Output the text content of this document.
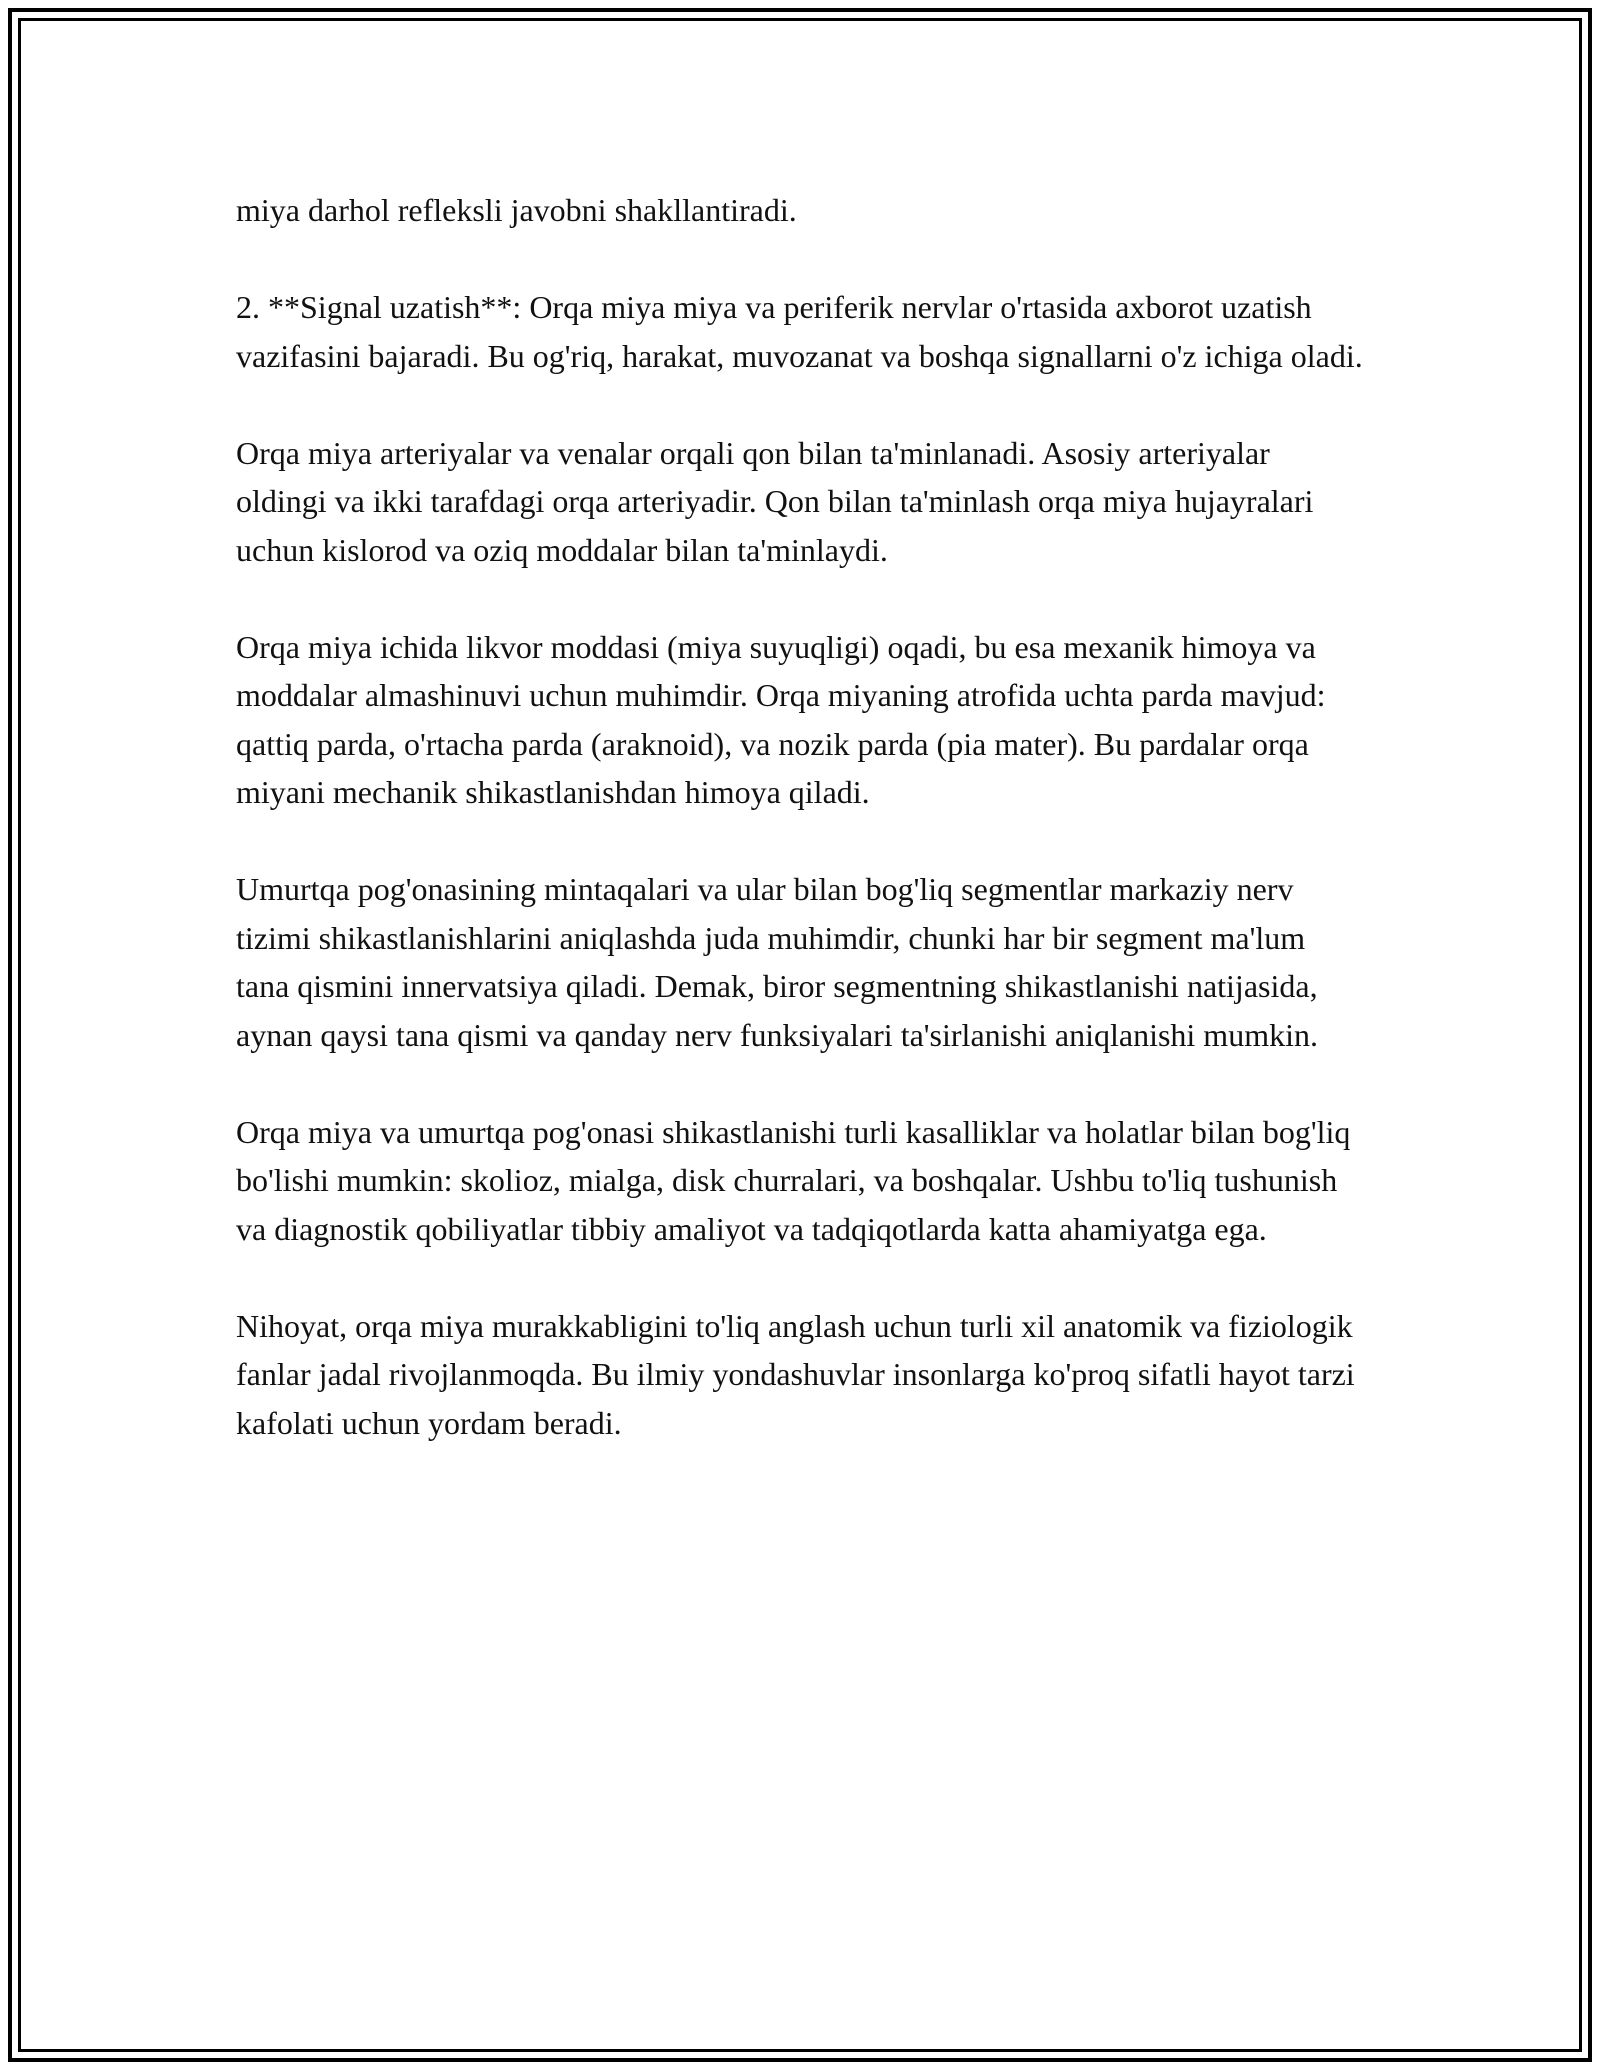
miya darhol refleksli javobni shakllantiradi.

2. **Signal uzatish**: Orqa miya miya va periferik nervlar o'rtasida axborot uzatish vazifasini bajaradi. Bu og'riq, harakat, muvozanat va boshqa signallarni o'z ichiga oladi.

Orqa miya arteriyalar va venalar orqali qon bilan ta'minlanadi. Asosiy arteriyalar oldingi va ikki tarafdagi orqa arteriyadir. Qon bilan ta'minlash orqa miya hujayralari uchun kislorod va oziq moddalar bilan ta'minlaydi.

Orqa miya ichida likvor moddasi (miya suyuqligi) oqadi, bu esa mexanik himoya va moddalar almashinuvi uchun muhimdir. Orqa miyaning atrofida uchta parda mavjud: qattiq parda, o'rtacha parda (araknoid), va nozik parda (pia mater). Bu pardalar orqa miyani mechanik shikastlanishdan himoya qiladi.

Umurtqa pog'onasining mintaqalari va ular bilan bog'liq segmentlar markaziy nerv tizimi shikastlanishlarini aniqlashda juda muhimdir, chunki har bir segment ma'lum tana qismini innervatsiya qiladi. Demak, biror segmentning shikastlanishi natijasida, aynan qaysi tana qismi va qanday nerv funksiyalari ta'sirlanishi aniqlanishi mumkin.

Orqa miya va umurtqa pog'onasi shikastlanishi turli kasalliklar va holatlar bilan bog'liq bo'lishi mumkin: skolioz, mialga, disk churralari, va boshqalar. Ushbu to'liq tushunish va diagnostik qobiliyatlar tibbiy amaliyot va tadqiqotlarda katta ahamiyatga ega.

Nihoyat, orqa miya murakkabligini to'liq anglash uchun turli xil anatomik va fiziologik fanlar jadal rivojlanmoqda. Bu ilmiy yondashuvlar insonlarga ko'proq sifatli hayot tarzi kafolati uchun yordam beradi.
